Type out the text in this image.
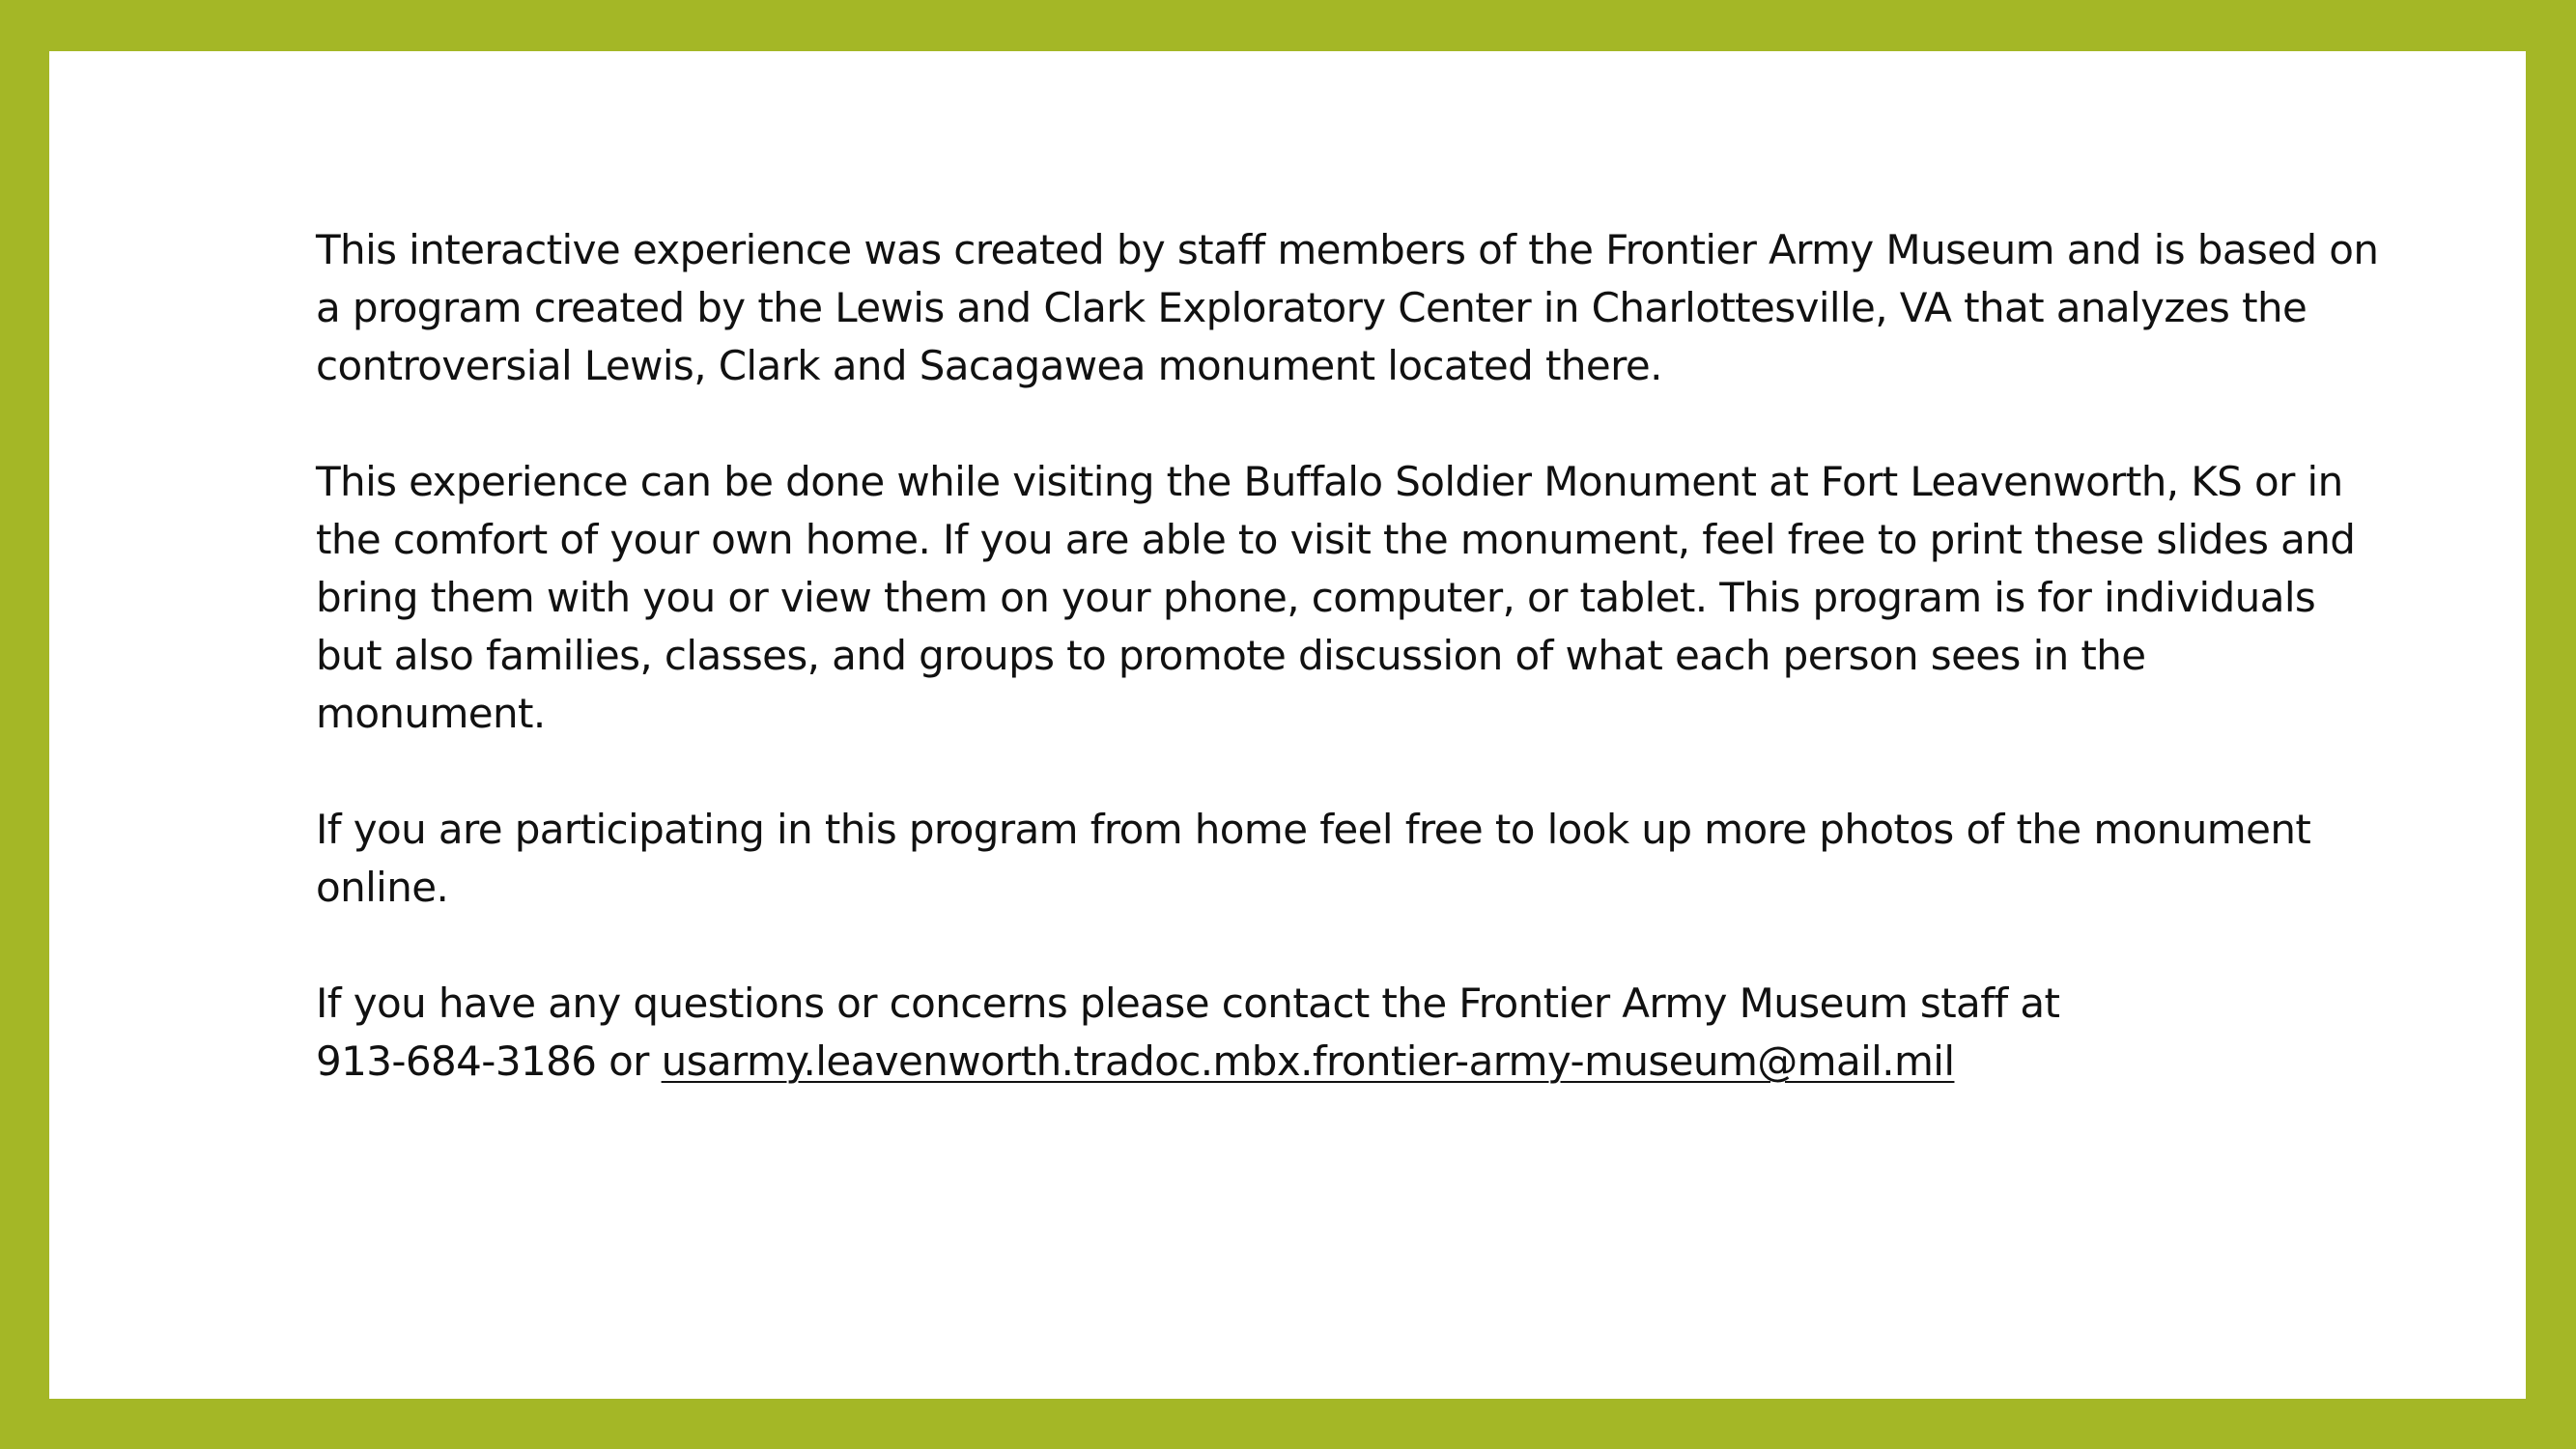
This interactive experience was created by staff members of the Frontier Army Museum and is based on a program created by the Lewis and Clark Exploratory Center in Charlottesville, VA that analyzes the controversial Lewis, Clark and Sacagawea monument located there.

This experience can be done while visiting the Buffalo Soldier Monument at Fort Leavenworth, KS or in the comfort of your own home. If you are able to visit the monument, feel free to print these slides and bring them with you or view them on your phone, computer, or tablet. This program is for individuals but also families, classes, and groups to promote discussion of what each person sees in the monument.

If you are participating in this program from home feel free to look up more photos of the monument online.

If you have any questions or concerns please contact the Frontier Army Museum staff at
913-684-3186 or usarmy.leavenworth.tradoc.mbx.frontier-army-museum@mail.mil
